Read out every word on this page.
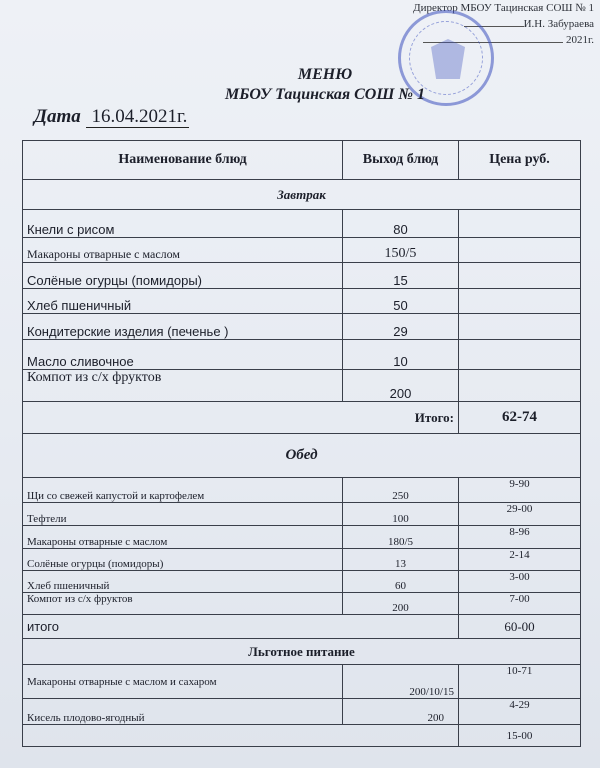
Директор МБОУ Тацинская СОШ № 1
И.Н. Забураева
2021г.
МЕНЮ
МБОУ Тацинская СОШ № 1
Дата 16.04.2021г.
Наименование блюд	Выход блюд	Цена руб.
Завтрак		
Кнели с рисом	80	
Макароны отварные с маслом	150/5	
Солёные огурцы (помидоры)	15	
Хлеб пшеничный	50	
Кондитерские изделия (печенье )	29	
Масло сливочное	10	
Компот из с/х фруктов	200	
Итого:		62-74
Обед		
Щи со свежей капустой и картофелем	250	9-90
Тефтели	100	29-00
Макароны отварные с маслом	180/5	8-96
Солёные огурцы (помидоры)	13	2-14
Хлеб пшеничный	60	3-00
Компот из с/х фруктов	200	7-00
итого		60-00
Льготное питание		
Макароны отварные с маслом и сахаром	200/10/15	10-71
Кисель плодово-ягодный	200	4-29
		15-00
